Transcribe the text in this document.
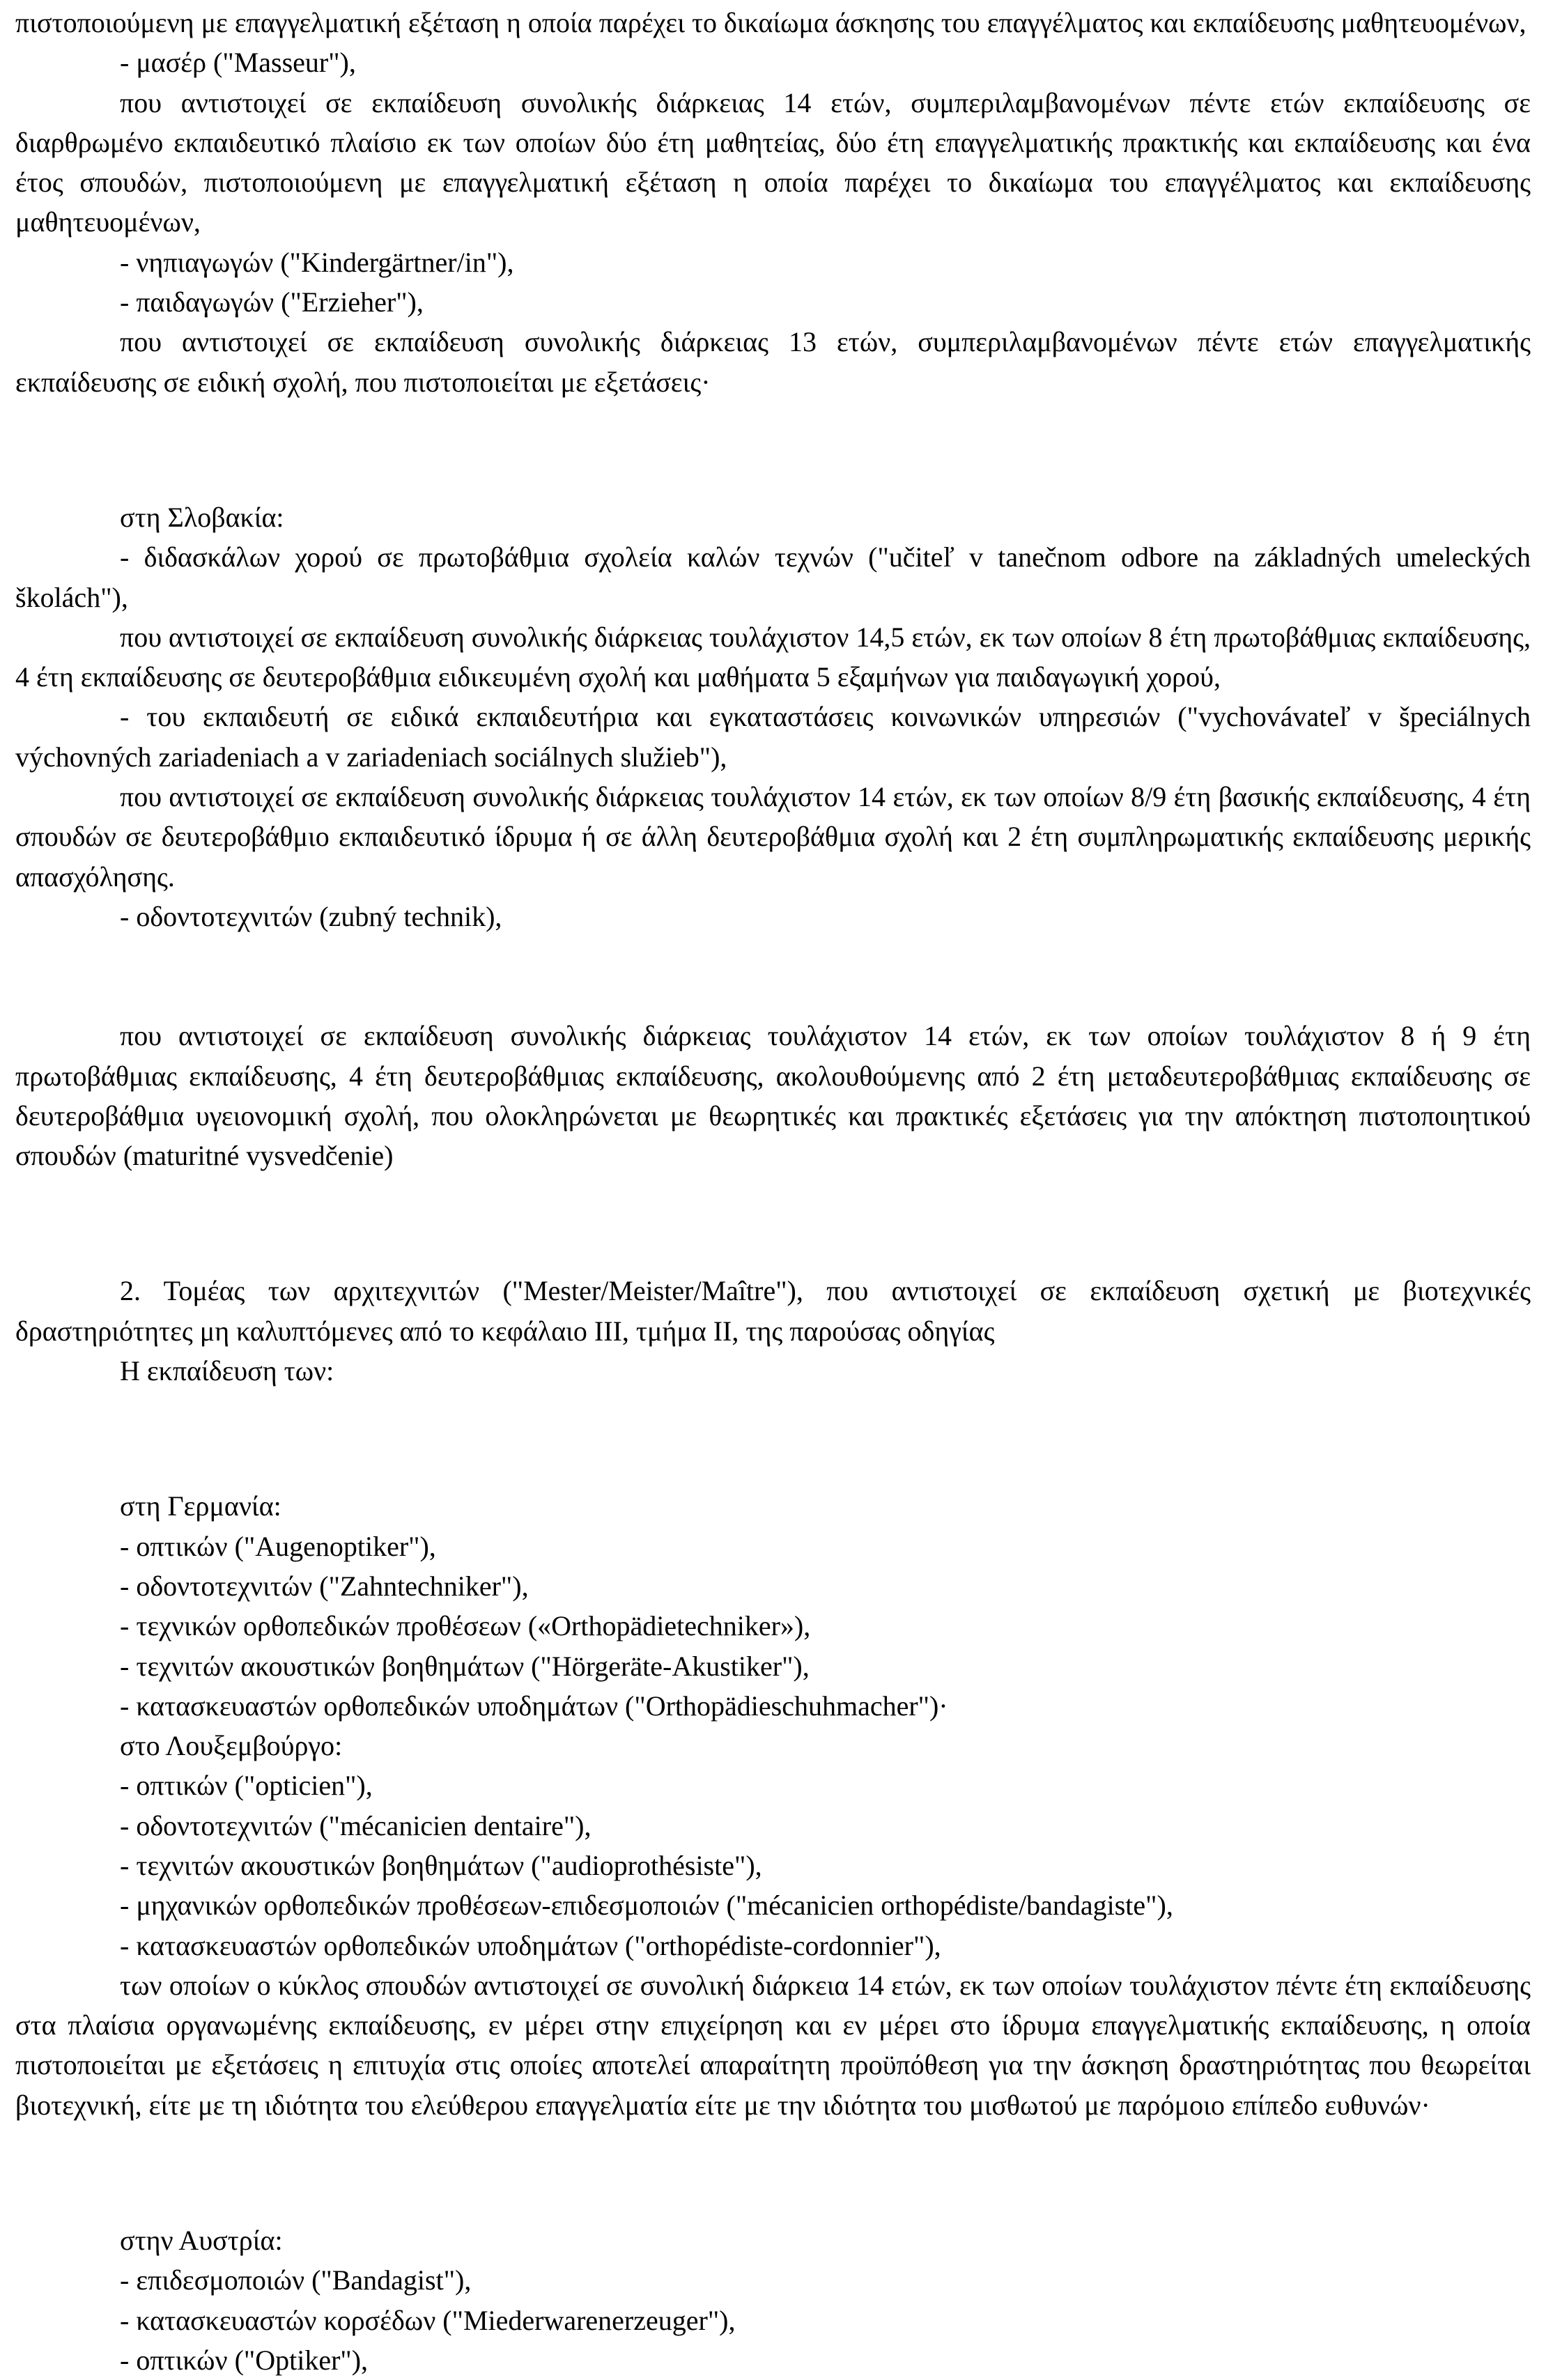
πιστοποιούμενη με επαγγελματική εξέταση η οποία παρέχει το δικαίωμα άσκησης του επαγγέλματος και εκπαίδευσης μαθητευομένων,

- μασέρ ("Masseur"),

που αντιστοιχεί σε εκπαίδευση συνολικής διάρκειας 14 ετών, συμπεριλαμβανομένων πέντε ετών εκπαίδευσης σε διαρθρωμένο εκπαιδευτικό πλαίσιο εκ των οποίων δύο έτη μαθητείας, δύο έτη επαγγελματικής πρακτικής και εκπαίδευσης και ένα έτος σπουδών, πιστοποιούμενη με επαγγελματική εξέταση η οποία παρέχει το δικαίωμα του επαγγέλματος και εκπαίδευσης μαθητευομένων,

- νηπιαγωγών ("Kindergärtner/in"),

- παιδαγωγών ("Erzieher"),

που αντιστοιχεί σε εκπαίδευση συνολικής διάρκειας 13 ετών, συμπεριλαμβανομένων πέντε ετών επαγγελματικής εκπαίδευσης σε ειδική σχολή, που πιστοποιείται με εξετάσεις·

στη Σλοβακία:

- διδασκάλων χορού σε πρωτοβάθμια σχολεία καλών τεχνών ("učiteľ v tanečnom odbore na základných umeleckých školách"),

που αντιστοιχεί σε εκπαίδευση συνολικής διάρκειας τουλάχιστον 14,5 ετών, εκ των οποίων 8 έτη πρωτοβάθμιας εκπαίδευσης, 4 έτη εκπαίδευσης σε δευτεροβάθμια ειδικευμένη σχολή και μαθήματα 5 εξαμήνων για παιδαγωγική χορού,

- του εκπαιδευτή σε ειδικά εκπαιδευτήρια και εγκαταστάσεις κοινωνικών υπηρεσιών ("vychovávateľ v špeciálnych výchovných zariadeniach a v zariadeniach sociálnych služieb"),

που αντιστοιχεί σε εκπαίδευση συνολικής διάρκειας τουλάχιστον 14 ετών, εκ των οποίων 8/9 έτη βασικής εκπαίδευσης, 4 έτη σπουδών σε δευτεροβάθμιο εκπαιδευτικό ίδρυμα ή σε άλλη δευτεροβάθμια σχολή και 2 έτη συμπληρωματικής εκπαίδευσης μερικής απασχόλησης.

- οδοντοτεχνιτών (zubný technik),

που αντιστοιχεί σε εκπαίδευση συνολικής διάρκειας τουλάχιστον 14 ετών, εκ των οποίων τουλάχιστον 8 ή 9 έτη πρωτοβάθμιας εκπαίδευσης, 4 έτη δευτεροβάθμιας εκπαίδευσης, ακολουθούμενης από 2 έτη μεταδευτεροβάθμιας εκπαίδευσης σε δευτεροβάθμια υγειονομική σχολή, που ολοκληρώνεται με θεωρητικές και πρακτικές εξετάσεις για την απόκτηση πιστοποιητικού σπουδών (maturitné vysvedčenie)

2. Τομέας των αρχιτεχνιτών ("Mester/Meister/Maître"), που αντιστοιχεί σε εκπαίδευση σχετική με βιοτεχνικές δραστηριότητες μη καλυπτόμενες από το κεφάλαιο III, τμήμα II, της παρούσας οδηγίας

Η εκπαίδευση των:

στη Γερμανία:

- οπτικών ("Augenoptiker"),

- οδοντοτεχνιτών ("Zahntechniker"),

- τεχνικών ορθοπεδικών προθέσεων («Orthopädietechniker»),

- τεχνιτών ακουστικών βοηθημάτων ("Hörgeräte-Akustiker"),

- κατασκευαστών ορθοπεδικών υποδημάτων ("Orthopädieschuhmacher")·

στο Λουξεμβούργο:

- οπτικών ("opticien"),

- οδοντοτεχνιτών ("mécanicien dentaire"),

- τεχνιτών ακουστικών βοηθημάτων ("audioprothésiste"),

- μηχανικών ορθοπεδικών προθέσεων-επιδεσμοποιών ("mécanicien orthopédiste/bandagiste"),

- κατασκευαστών ορθοπεδικών υποδημάτων ("orthopédiste-cordonnier"),

των οποίων ο κύκλος σπουδών αντιστοιχεί σε συνολική διάρκεια 14 ετών, εκ των οποίων τουλάχιστον πέντε έτη εκπαίδευσης στα πλαίσια οργανωμένης εκπαίδευσης, εν μέρει στην επιχείρηση και εν μέρει στο ίδρυμα επαγγελματικής εκπαίδευσης, η οποία πιστοποιείται με εξετάσεις η επιτυχία στις οποίες αποτελεί απαραίτητη προϋπόθεση για την άσκηση δραστηριότητας που θεωρείται βιοτεχνική, είτε με τη ιδιότητα του ελεύθερου επαγγελματία είτε με την ιδιότητα του μισθωτού με παρόμοιο επίπεδο ευθυνών·

στην Αυστρία:

- επιδεσμοποιών ("Bandagist"),

- κατασκευαστών κορσέδων ("Miederwarenerzeuger"),

- οπτικών ("Optiker"),
